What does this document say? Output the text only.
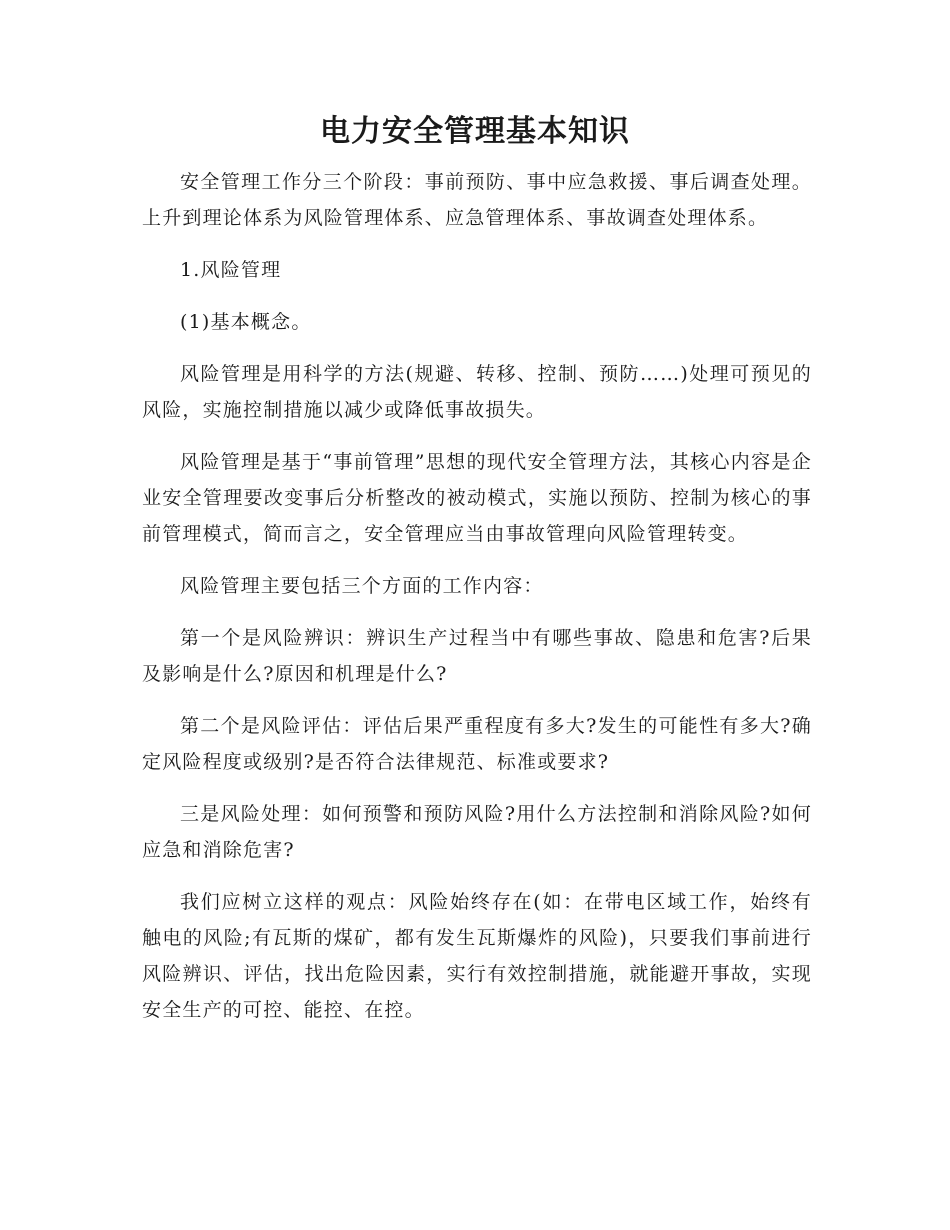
电力安全管理基本知识

安全管理工作分三个阶段：事前预防、事中应急救援、事后调查处理。上升到理论体系为风险管理体系、应急管理体系、事故调查处理体系。

1.风险管理

(1)基本概念。

风险管理是用科学的方法(规避、转移、控制、预防……)处理可预见的风险，实施控制措施以减少或降低事故损失。

风险管理是基于“事前管理”思想的现代安全管理方法，其核心内容是企业安全管理要改变事后分析整改的被动模式，实施以预防、控制为核心的事前管理模式，简而言之，安全管理应当由事故管理向风险管理转变。

风险管理主要包括三个方面的工作内容：

第一个是风险辨识：辨识生产过程当中有哪些事故、隐患和危害?后果及影响是什么?原因和机理是什么?

第二个是风险评估：评估后果严重程度有多大?发生的可能性有多大?确定风险程度或级别?是否符合法律规范、标准或要求?

三是风险处理：如何预警和预防风险?用什么方法控制和消除风险?如何应急和消除危害?

我们应树立这样的观点：风险始终存在(如：在带电区域工作，始终有触电的风险;有瓦斯的煤矿，都有发生瓦斯爆炸的风险)，只要我们事前进行风险辨识、评估，找出危险因素，实行有效控制措施，就能避开事故，实现安全生产的可控、能控、在控。
